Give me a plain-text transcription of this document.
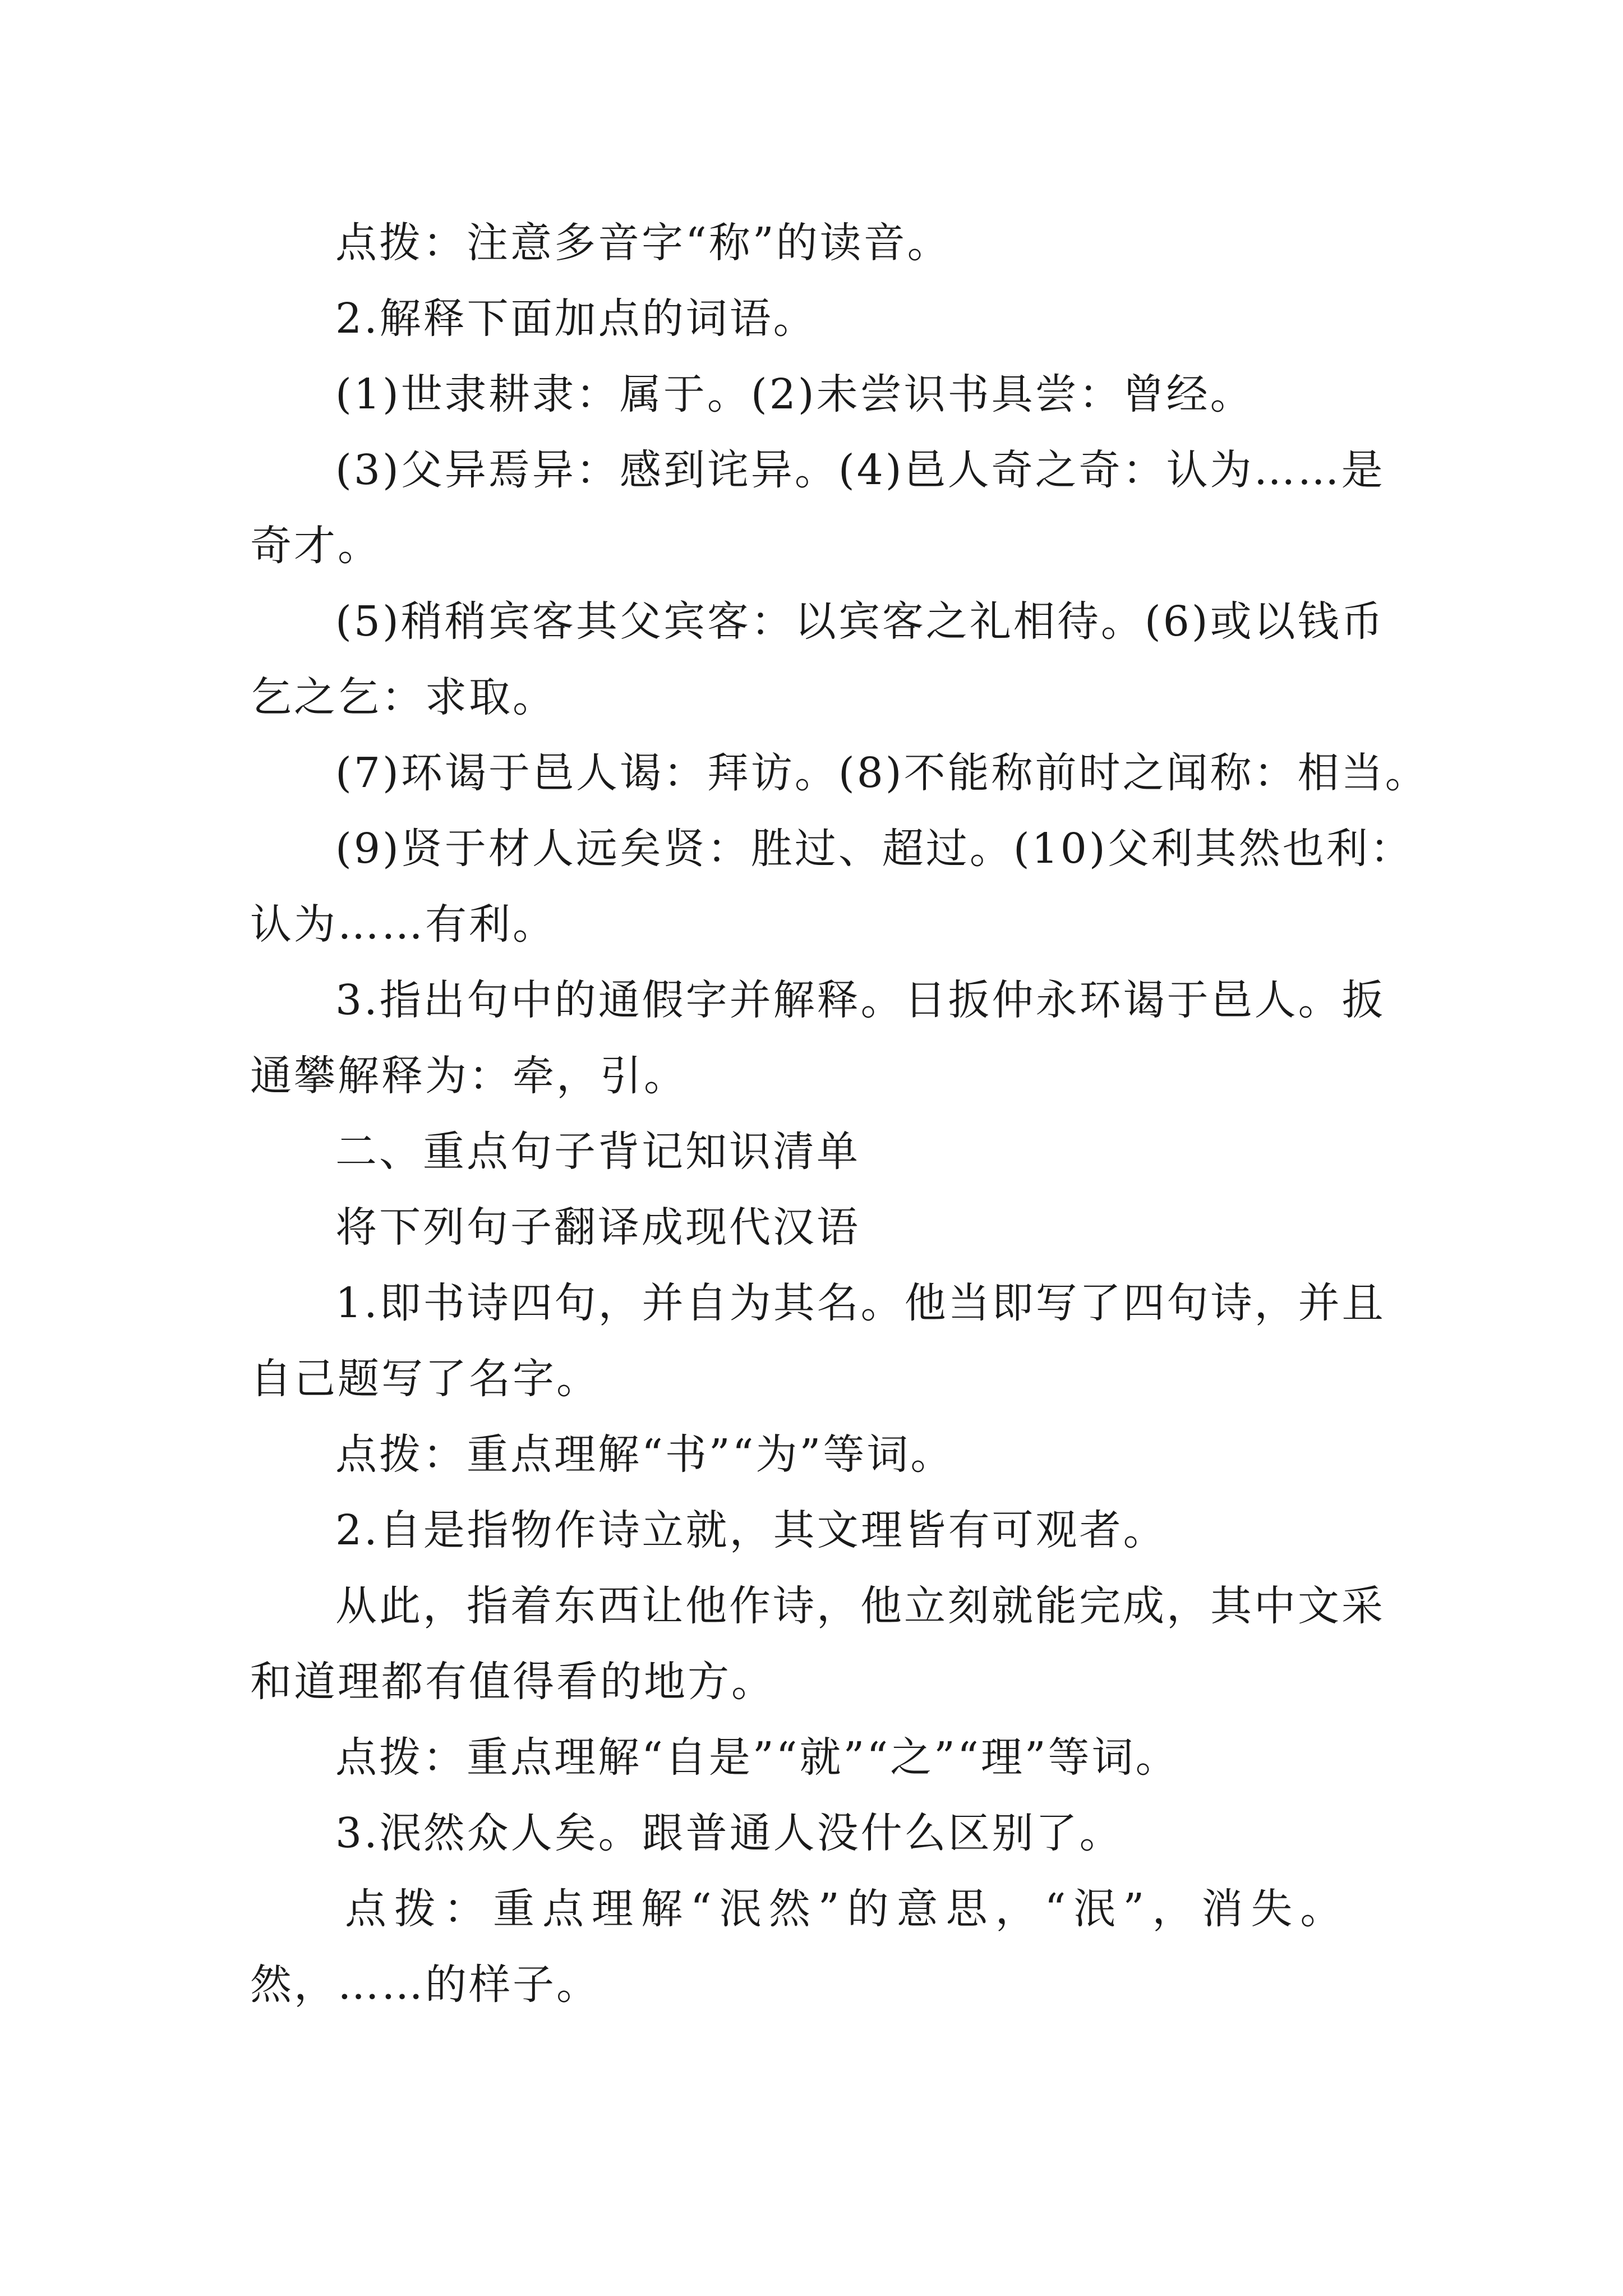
点拨：注意多音字“称”的读音。
2.解释下面加点的词语。
(1)世隶耕隶：属于。(2)未尝识书具尝：曾经。
(3)父异焉异：感到诧异。(4)邑人奇之奇：认为……是
奇才。
(5)稍稍宾客其父宾客：以宾客之礼相待。(6)或以钱币
乞之乞：求取。
(7)环谒于邑人谒：拜访。(8)不能称前时之闻称：相当。
(9)贤于材人远矣贤：胜过、超过。(10)父利其然也利：
认为……有利。
3.指出句中的通假字并解释。日扳仲永环谒于邑人。扳
通攀解释为：牵，引。
二、重点句子背记知识清单
将下列句子翻译成现代汉语
1.即书诗四句，并自为其名。他当即写了四句诗，并且
自己题写了名字。
点拨：重点理解“书”“为”等词。
2.自是指物作诗立就，其文理皆有可观者。
从此，指着东西让他作诗，他立刻就能完成，其中文采
和道理都有值得看的地方。
点拨：重点理解“自是”“就”“之”“理”等词。
3.泯然众人矣。跟普通人没什么区别了。
点拨：重点理解“泯然”的意思，“泯”，消失。
然，……的样子。
